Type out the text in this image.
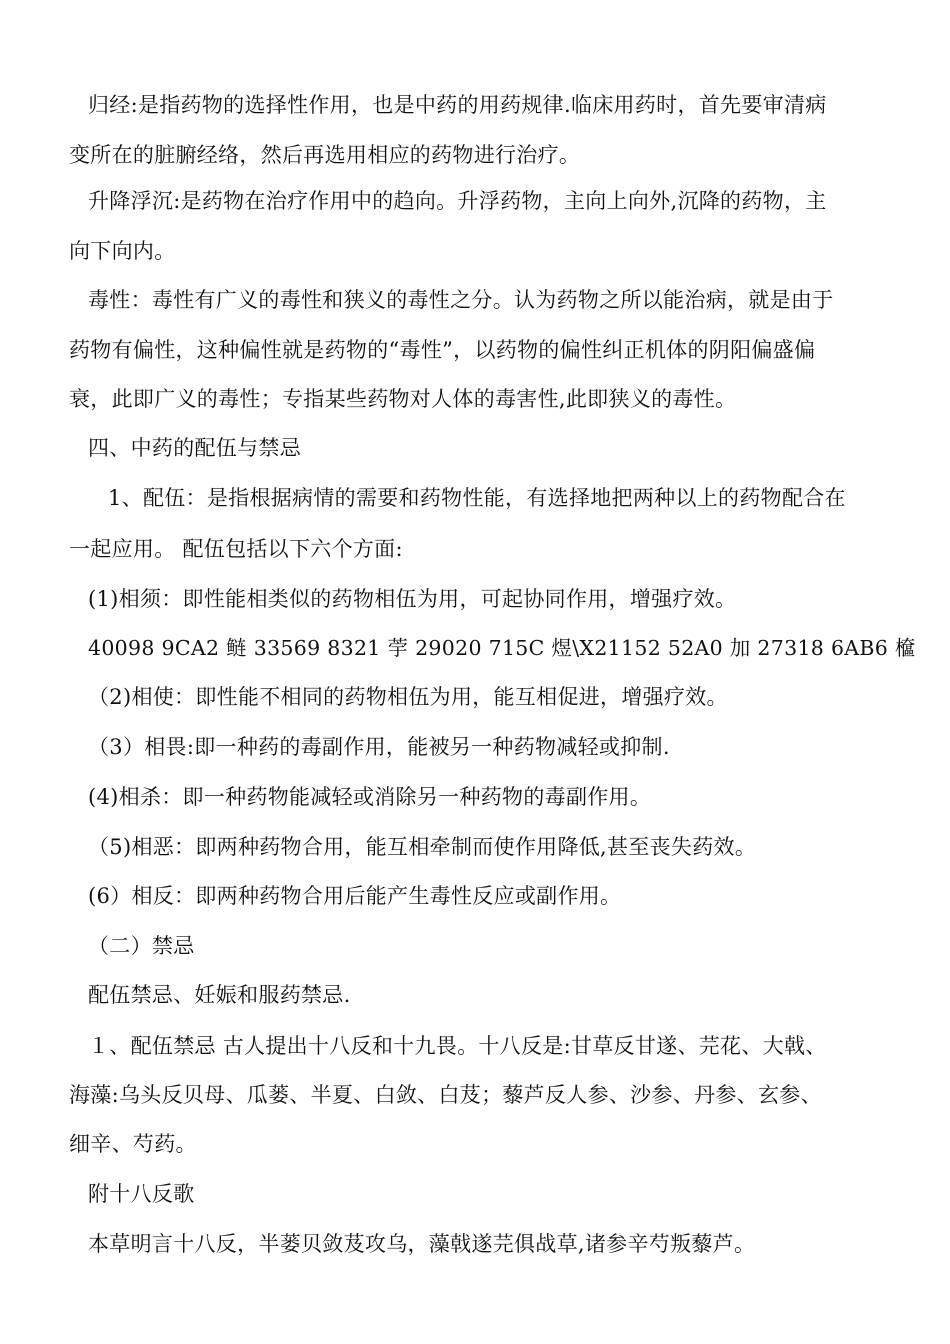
归经:是指药物的选择性作用，也是中药的用药规律.临床用药时，首先要审清病
变所在的脏腑经络，然后再选用相应的药物进行治疗。
升降浮沉:是药物在治疗作用中的趋向。升浮药物，主向上向外,沉降的药物，主
向下向内。
毒性：毒性有广义的毒性和狭义的毒性之分。认为药物之所以能治病，就是由于
药物有偏性，这种偏性就是药物的“毒性”，以药物的偏性纠正机体的阴阳偏盛偏
衰，此即广义的毒性；专指某些药物对人体的毒害性,此即狭义的毒性。
四、中药的配伍与禁忌
1、配伍：是指根据病情的需要和药物性能，有选择地把两种以上的药物配合在
一起应用。 配伍包括以下六个方面:
(1)相须：即性能相类似的药物相伍为用，可起协同作用，增强疗效。
40098 9CA2 鲢 33569 8321 荢 29020 715C 煜\X21152 52A0 加 27318 6AB6 檶
（2)相使：即性能不相同的药物相伍为用，能互相促进，增强疗效。
（3）相畏:即一种药的毒副作用，能被另一种药物减轻或抑制.
(4)相杀：即一种药物能减轻或消除另一种药物的毒副作用。
（5)相恶：即两种药物合用，能互相牵制而使作用降低,甚至丧失药效。
(6）相反：即两种药物合用后能产生毒性反应或副作用。
（二）禁忌
配伍禁忌、妊娠和服药禁忌.
１、配伍禁忌 古人提出十八反和十九畏。十八反是:甘草反甘遂、芫花、大戟、
海藻:乌头反贝母、瓜蒌、半夏、白敛、白芨；藜芦反人参、沙参、丹参、玄参、
细辛、芍药。
附十八反歌
本草明言十八反，半蒌贝敛芨攻乌，藻戟遂芫俱战草,诸参辛芍叛藜芦。
